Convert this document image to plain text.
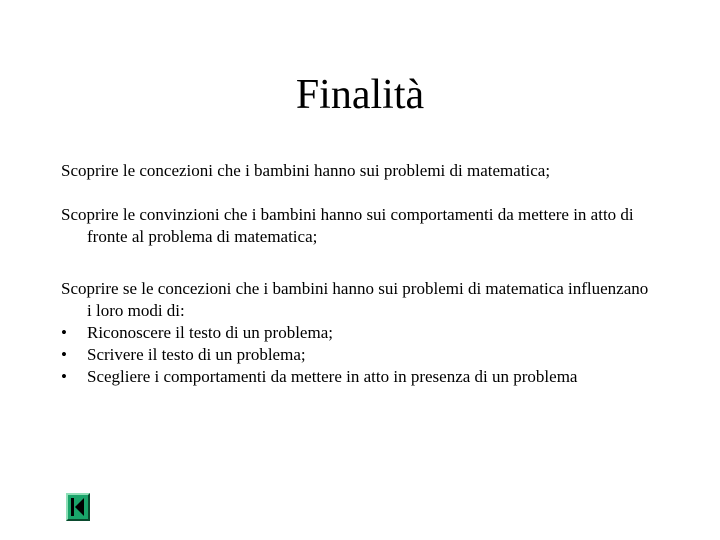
Finalità

Scoprire le concezioni che i bambini hanno sui problemi di matematica;

Scoprire le convinzioni che i bambini hanno sui comportamenti da mettere in atto di fronte al problema di matematica;

Scoprire se le concezioni che i bambini hanno sui problemi di matematica influenzano i loro modi di:

•	Riconoscere il testo di un problema;
•	Scrivere il testo di un problema;
•	Scegliere i comportamenti da mettere in atto in presenza di un problema
